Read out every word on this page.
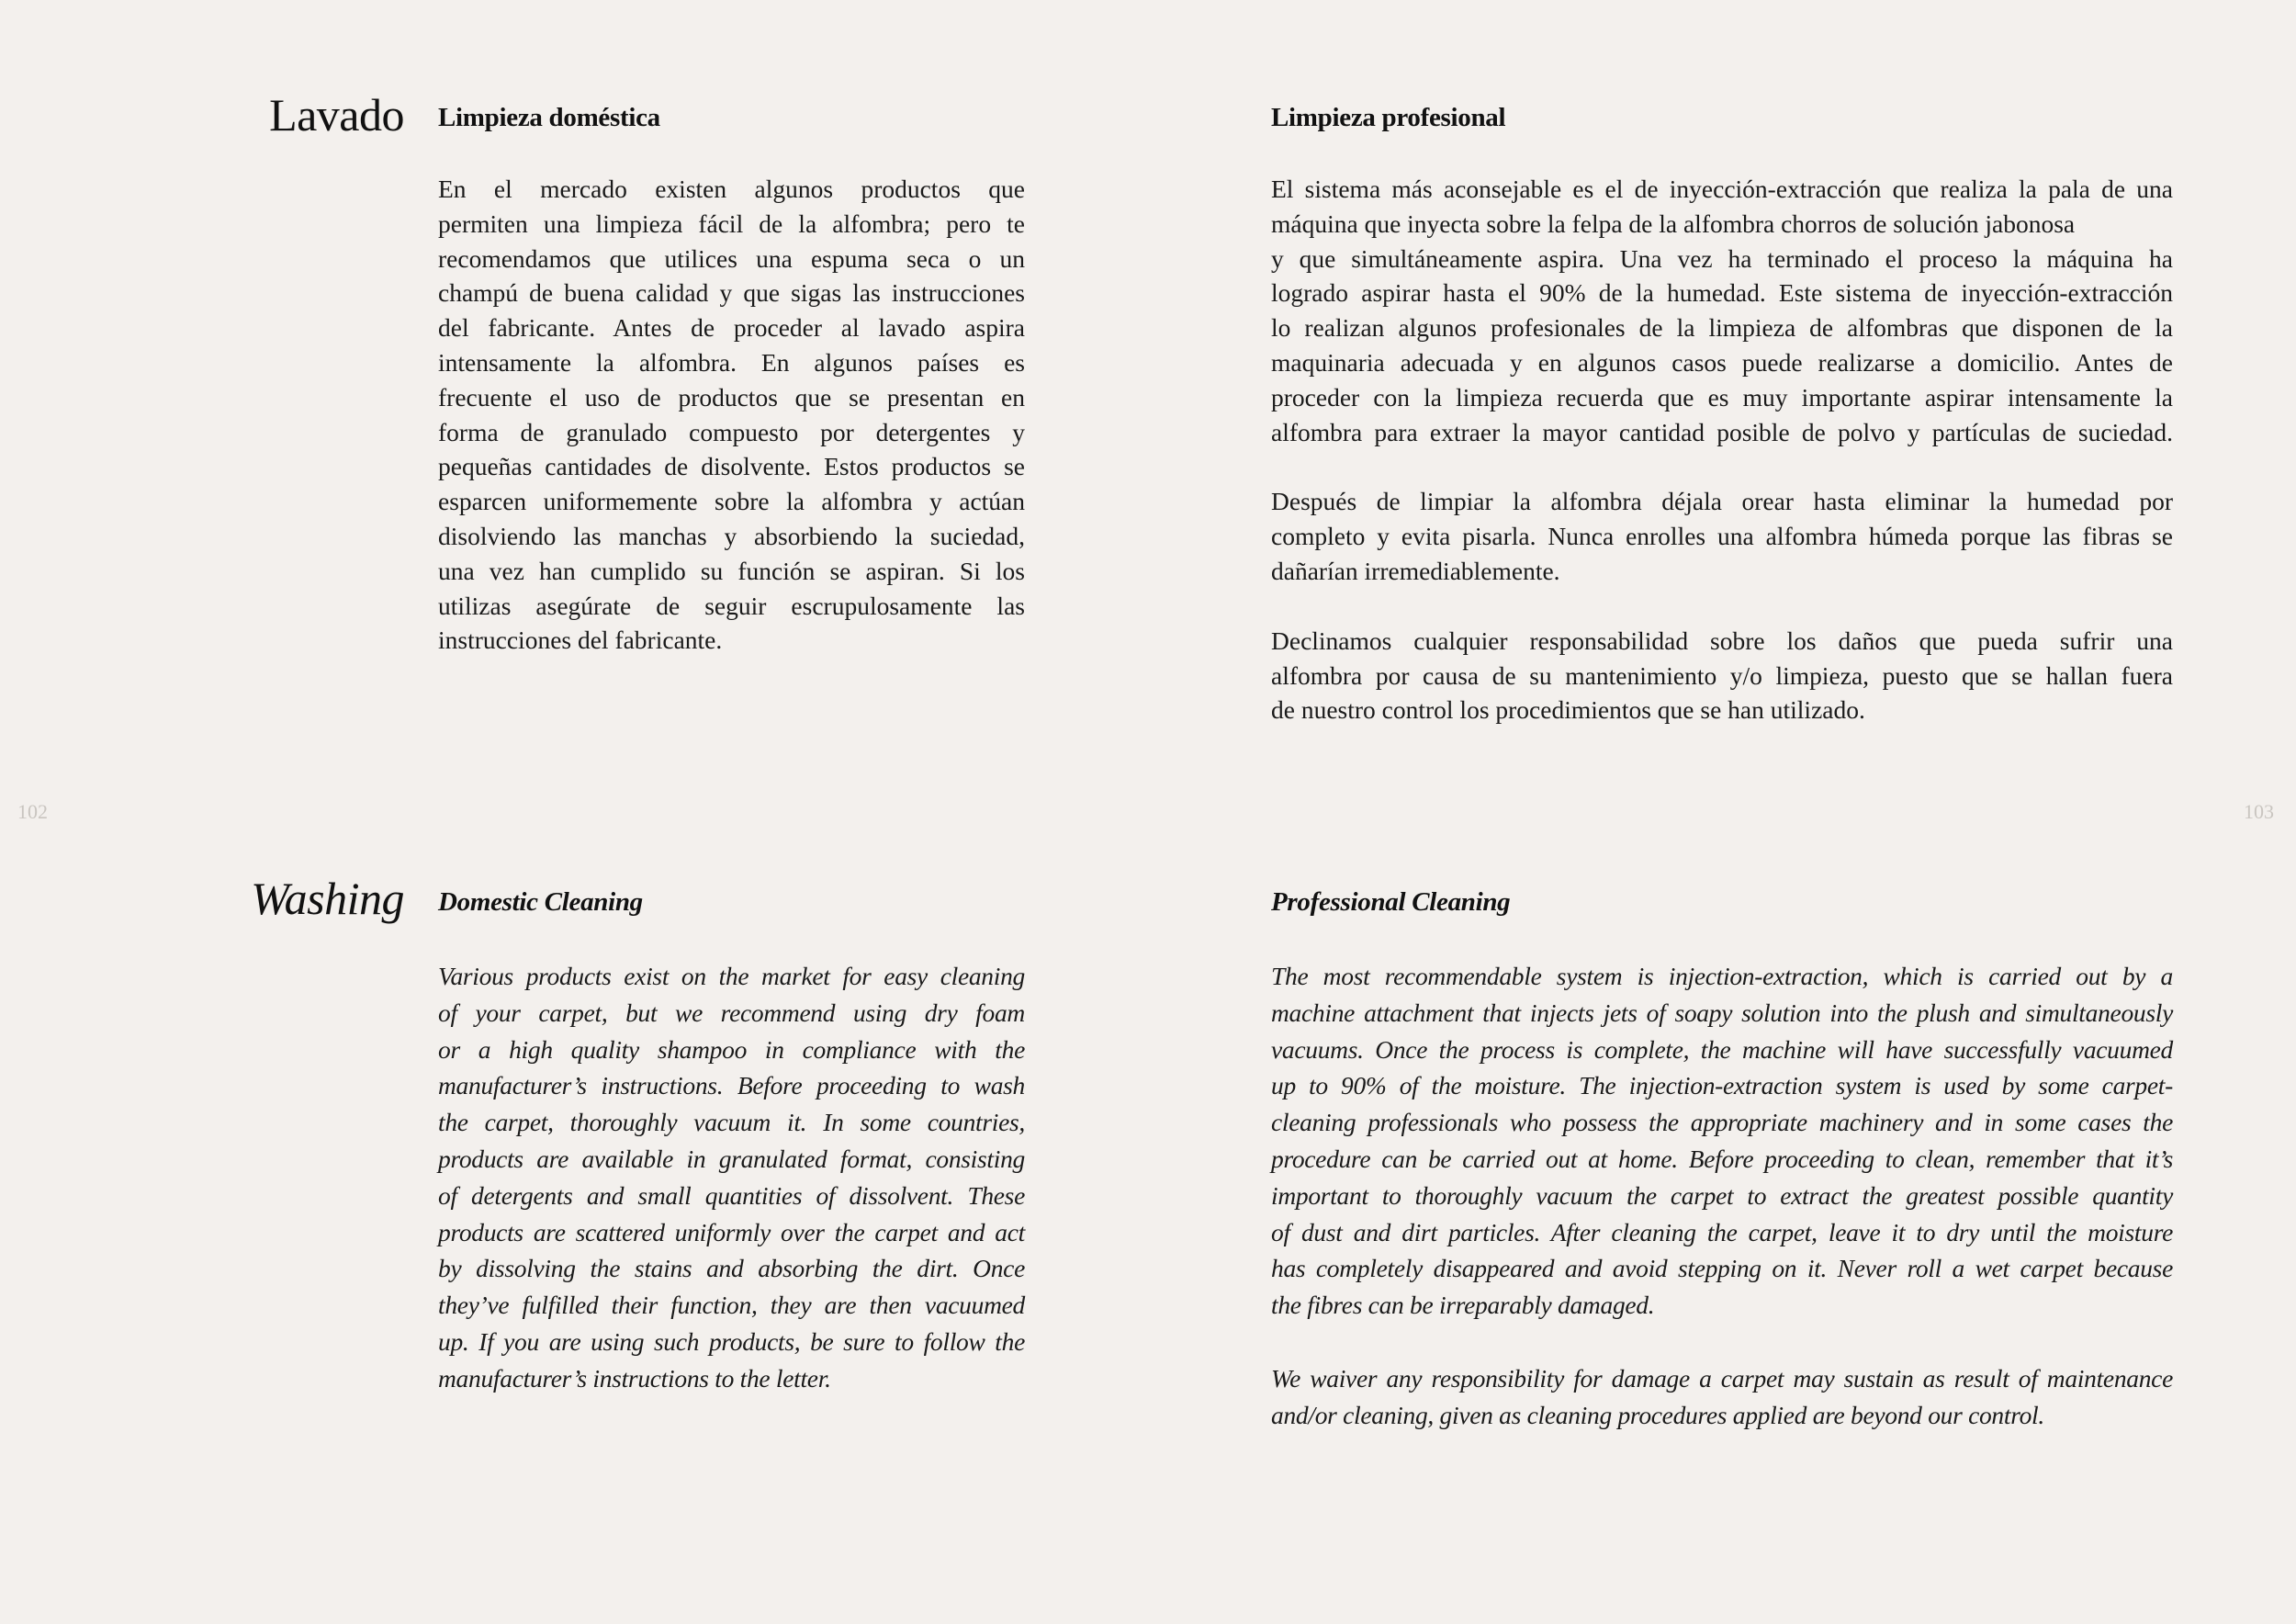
102	103
Lavado Limpieza doméstica
En el mercado existen algunos productos que
permiten una limpieza fácil de la alfombra; pero te
recomendamos que utilices una espuma seca o un
champú de buena calidad y que sigas las instrucciones
del fabricante. Antes de proceder al lavado aspira
intensamente la alfombra. En algunos países es
frecuente el uso de productos que se presentan en
forma de granulado compuesto por detergentes y
pequeñas cantidades de disolvente. Estos productos se
esparcen uniformemente sobre la alfombra y actúan
disolviendo las manchas y absorbiendo la suciedad,
una vez han cumplido su función se aspiran. Si los
utilizas asegúrate de seguir escrupulosamente las
instrucciones del fabricante.
Limpieza profesional
El sistema más aconsejable es el de inyección-extracción que realiza la pala de una
máquina que inyecta sobre la felpa de la alfombra chorros de solución jabonosa
y que simultáneamente aspira. Una vez ha terminado el proceso la máquina ha
logrado aspirar hasta el 90% de la humedad. Este sistema de inyección-extracción
lo realizan algunos profesionales de la limpieza de alfombras que disponen de la
maquinaria adecuada y en algunos casos puede realizarse a domicilio. Antes de
proceder con la limpieza recuerda que es muy importante aspirar intensamente la
alfombra para extraer la mayor cantidad posible de polvo y partículas de suciedad.
Después de limpiar la alfombra déjala orear hasta eliminar la humedad por
completo y evita pisarla. Nunca enrolles una alfombra húmeda porque las fibras se
dañarían irremediablemente.
Declinamos cualquier responsabilidad sobre los daños que pueda sufrir una
alfombra por causa de su mantenimiento y/o limpieza, puesto que se hallan fuera
de nuestro control los procedimientos que se han utilizado.
Washing Domestic Cleaning
Various products exist on the market for easy cleaning
of your carpet, but we recommend using dry foam
or a high quality shampoo in compliance with the
manufacturer’s instructions. Before proceeding to wash
the carpet, thoroughly vacuum it. In some countries,
products are available in granulated format, consisting
of detergents and small quantities of dissolvent. These
products are scattered uniformly over the carpet and act
by dissolving the stains and absorbing the dirt. Once
they’ve fulfilled their function, they are then vacuumed
up. If you are using such products, be sure to follow the
manufacturer’s instructions to the letter.
Professional Cleaning
The most recommendable system is injection-extraction, which is carried out by a
machine attachment that injects jets of soapy solution into the plush and simultaneously
vacuums. Once the process is complete, the machine will have successfully vacuumed
up to 90% of the moisture. The injection-extraction system is used by some carpet-
cleaning professionals who possess the appropriate machinery and in some cases the
procedure can be carried out at home. Before proceeding to clean, remember that it’s
important to thoroughly vacuum the carpet to extract the greatest possible quantity
of dust and dirt particles. After cleaning the carpet, leave it to dry until the moisture
has completely disappeared and avoid stepping on it. Never roll a wet carpet because
the fibres can be irreparably damaged.
We waiver any responsibility for damage a carpet may sustain as result of maintenance
and/or cleaning, given as cleaning procedures applied are beyond our control.
